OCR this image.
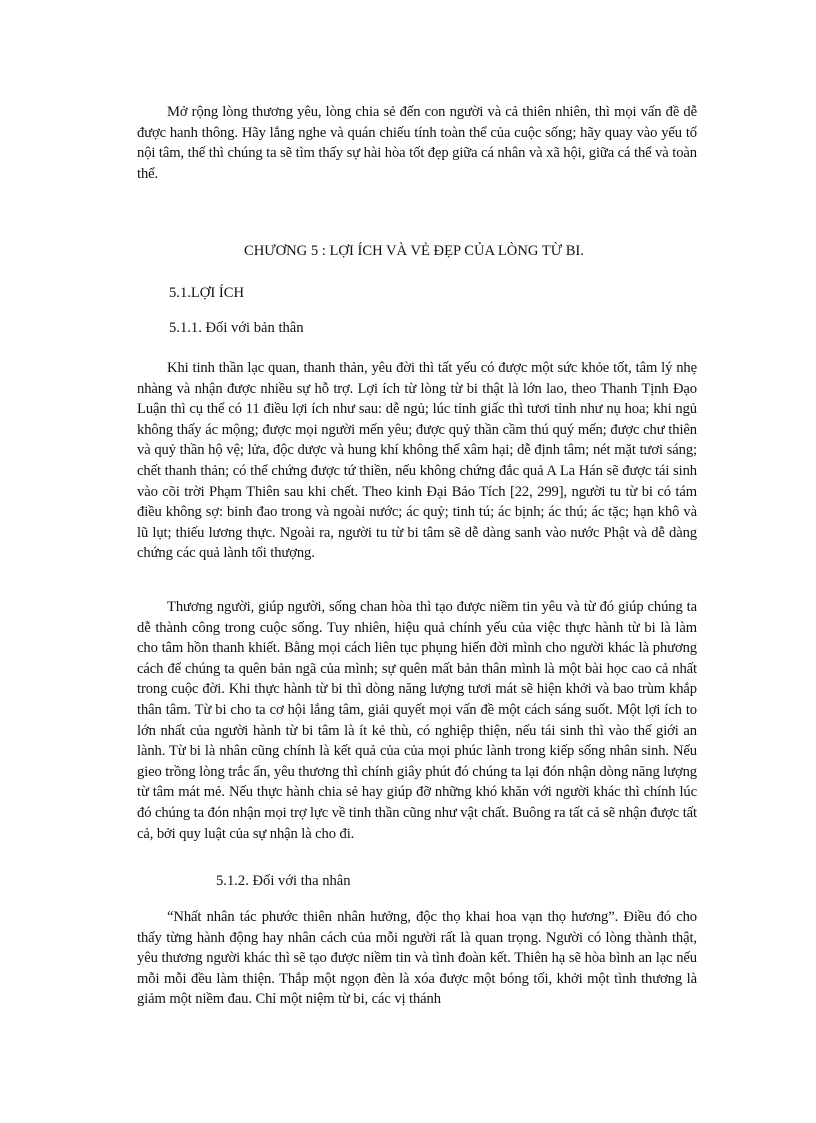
Mở rộng lòng thương yêu, lòng chia sẻ đến con người và cả thiên nhiên, thì mọi vấn đề dễ được hanh thông. Hãy lắng nghe và quán chiếu tính toàn thể của cuộc sống; hãy quay vào yếu tố nội tâm, thế thì chúng ta sẽ tìm thấy sự hài hòa tốt đẹp giữa cá nhân và xã hội, giữa cá thể và toàn thể.

CHƯƠNG 5 : LỢI ÍCH VÀ VẺ ĐẸP CỦA LÒNG TỪ BI.
5.1.LỢI ÍCH
5.1.1. Đối với bản thân

Khi tinh thần lạc quan, thanh thản, yêu đời thì tất yếu có được một sức khỏe tốt, tâm lý nhẹ nhàng và nhận được nhiều sự hỗ trợ. Lợi ích từ lòng từ bi thật là lớn lao, theo Thanh Tịnh Đạo Luận thì cụ thể có 11 điều lợi ích như sau: dễ ngủ; lúc tỉnh giấc thì tươi tỉnh như nụ hoa; khi ngủ không thấy ác mộng; được mọi người mến yêu; được quỷ thần cầm thú quý mến; được chư thiên và quỷ thần hộ vệ; lửa, độc dược và hung khí không thể xâm hại; dễ định tâm; nét mặt tươi sáng; chết thanh thản; có thể chứng được tứ thiền, nếu không chứng đắc quả A La Hán sẽ được tái sinh vào cõi trời Phạm Thiên sau khi chết. Theo kinh Đại Bảo Tích [22, 299], người tu từ bi có tám điều không sợ: binh đao trong và ngoài nước; ác quỷ; tinh tú; ác bịnh; ác thú; ác tặc; hạn khô và lũ lụt; thiếu lương thực. Ngoài ra, người tu từ bi tâm sẽ dễ dàng sanh vào nước Phật và dễ dàng chứng các quả lành tối thượng.

Thương người, giúp người, sống chan hòa thì tạo được niềm tin yêu và từ đó giúp chúng ta dễ thành công trong cuộc sống. Tuy nhiên, hiệu quả chính yếu của việc thực hành từ bi là làm cho tâm hồn thanh khiết. Bằng mọi cách liên tục phụng hiến đời mình cho người khác là phương cách để chúng ta quên bản ngã của mình; sự quên mất bản thân mình là một bài học cao cả nhất trong cuộc đời. Khi thực hành từ bi thì dòng năng lượng tươi mát sẽ hiện khởi và bao trùm khắp thân tâm. Từ bi cho ta cơ hội lắng tâm, giải quyết mọi vấn đề một cách sáng suốt. Một lợi ích to lớn nhất của người hành từ bi tâm là ít kẻ thù, có nghiệp thiện, nếu tái sinh thì vào thế giới an lành. Từ bi là nhân cũng chính là kết quả của của mọi phúc lành trong kiếp sống nhân sinh. Nếu gieo trồng lòng trắc ẩn, yêu thương thì chính giây phút đó chúng ta lại đón nhận dòng năng lượng từ tâm mát mẻ. Nếu thực hành chia sẻ hay giúp đỡ những khó khăn với người khác thì chính lúc đó chúng ta đón nhận mọi trợ lực về tinh thần cũng như vật chất. Buông ra tất cả sẽ nhận được tất cả, bởi quy luật của sự nhận là cho đi.

5.1.2. Đối với tha nhân

“Nhất nhân tác phước thiên nhân hưởng, độc thọ khai hoa vạn thọ hương”. Điều đó cho thấy từng hành động hay nhân cách của mỗi người rất là quan trọng. Người có lòng thành thật, yêu thương người khác thì sẽ tạo được niềm tin và tình đoàn kết. Thiên hạ sẽ hòa bình an lạc nếu mỗi mỗi đều làm thiện. Thắp một ngọn đèn là xóa được một bóng tối, khởi một tình thương là giảm một niềm đau. Chỉ một niệm từ bi, các vị thánh
